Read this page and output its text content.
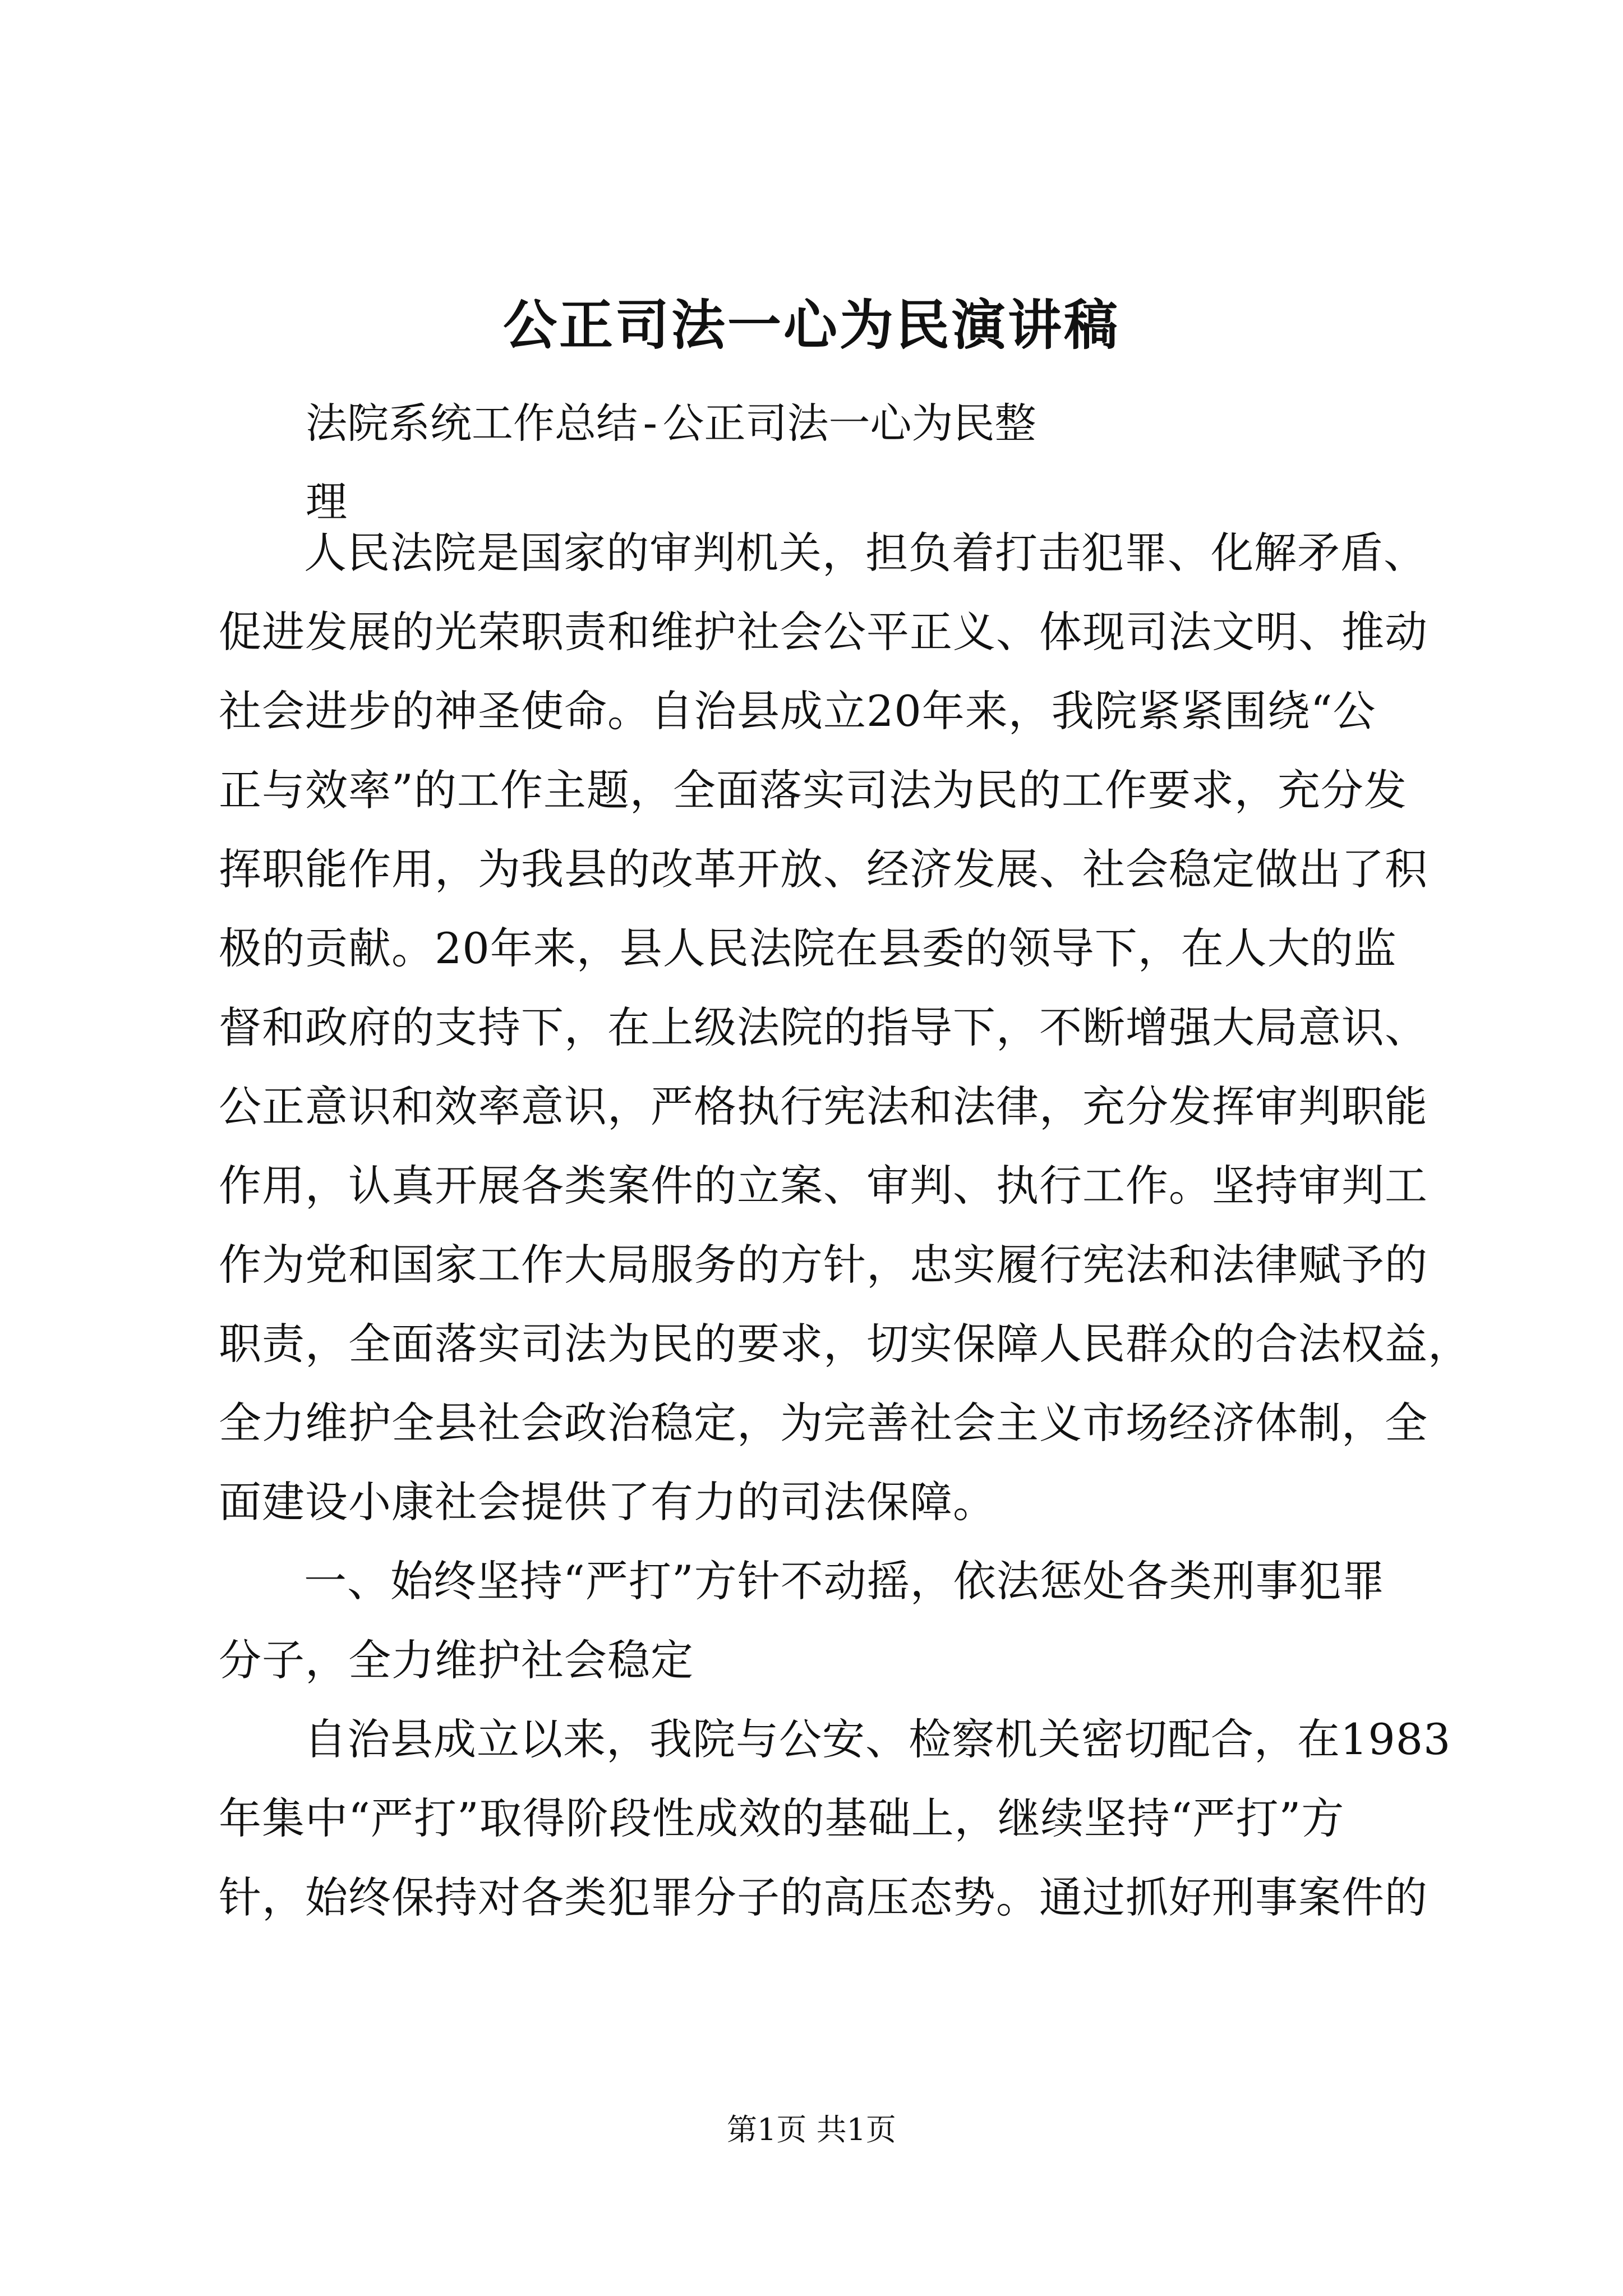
公正司法一心为民演讲稿
法院系统工作总结-公正司法一心为民整
理

人民法院是国家的审判机关，担负着打击犯罪、化解矛盾、
促进发展的光荣职责和维护社会公平正义、体现司法文明、推动
社会进步的神圣使命。自治县成立20年来，我院紧紧围绕“公
正与效率”的工作主题，全面落实司法为民的工作要求，充分发
挥职能作用，为我县的改革开放、经济发展、社会稳定做出了积
极的贡献。20年来，县人民法院在县委的领导下，在人大的监
督和政府的支持下，在上级法院的指导下，不断增强大局意识、
公正意识和效率意识，严格执行宪法和法律，充分发挥审判职能
作用，认真开展各类案件的立案、审判、执行工作。坚持审判工
作为党和国家工作大局服务的方针，忠实履行宪法和法律赋予的
职责，全面落实司法为民的要求，切实保障人民群众的合法权益，
全力维护全县社会政治稳定，为完善社会主义市场经济体制，全
面建设小康社会提供了有力的司法保障。

一、始终坚持“严打”方针不动摇，依法惩处各类刑事犯罪
分子，全力维护社会稳定

自治县成立以来，我院与公安、检察机关密切配合，在1983
年集中“严打”取得阶段性成效的基础上，继续坚持“严打”方
针，始终保持对各类犯罪分子的高压态势。通过抓好刑事案件的

第1页 共1页
